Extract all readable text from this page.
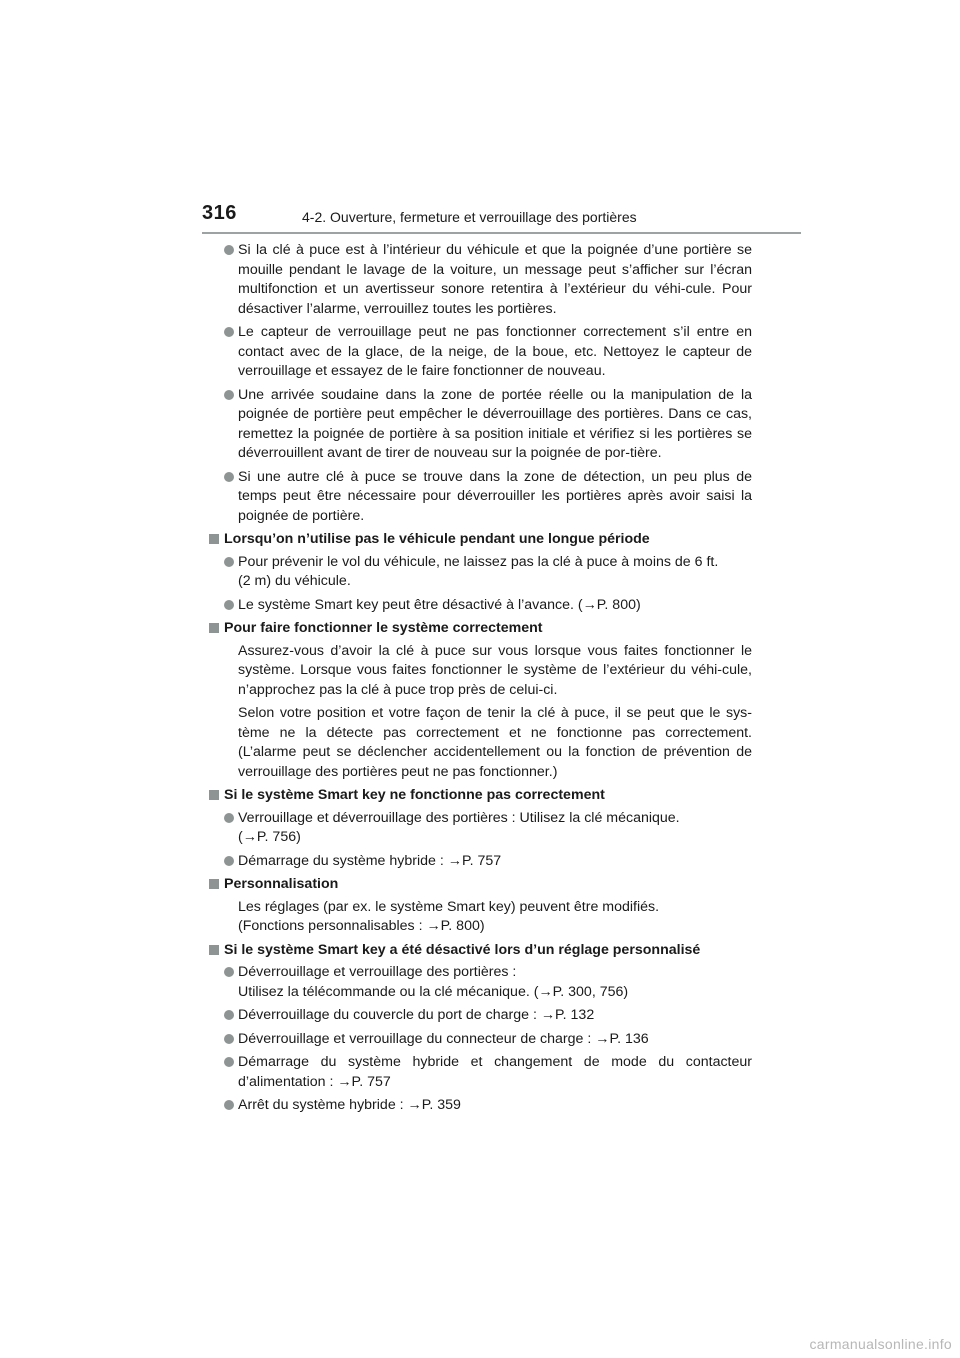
316	4-2. Ouverture, fermeture et verrouillage des portières
Si la clé à puce est à l’intérieur du véhicule et que la poignée d’une portière se mouille pendant le lavage de la voiture, un message peut s’afficher sur l’écran multifonction et un avertisseur sonore retentira à l’extérieur du véhi-cule. Pour désactiver l’alarme, verrouillez toutes les portières.
Le capteur de verrouillage peut ne pas fonctionner correctement s’il entre en contact avec de la glace, de la neige, de la boue, etc. Nettoyez le capteur de verrouillage et essayez de le faire fonctionner de nouveau.
Une arrivée soudaine dans la zone de portée réelle ou la manipulation de la poignée de portière peut empêcher le déverrouillage des portières. Dans ce cas, remettez la poignée de portière à sa position initiale et vérifiez si les portières se déverrouillent avant de tirer de nouveau sur la poignée de por-tière.
Si une autre clé à puce se trouve dans la zone de détection, un peu plus de temps peut être nécessaire pour déverrouiller les portières après avoir saisi la poignée de portière.
Lorsqu’on n’utilise pas le véhicule pendant une longue période
Pour prévenir le vol du véhicule, ne laissez pas la clé à puce à moins de 6 ft.
(2 m) du véhicule.
Le système Smart key peut être désactivé à l’avance. (→P. 800)
Pour faire fonctionner le système correctement
Assurez-vous d’avoir la clé à puce sur vous lorsque vous faites fonctionner le système. Lorsque vous faites fonctionner le système de l’extérieur du véhi-cule, n’approchez pas la clé à puce trop près de celui-ci.
Selon votre position et votre façon de tenir la clé à puce, il se peut que le sys-tème ne la détecte pas correctement et ne fonctionne pas correctement. (L’alarme peut se déclencher accidentellement ou la fonction de prévention de verrouillage des portières peut ne pas fonctionner.)
Si le système Smart key ne fonctionne pas correctement
Verrouillage et déverrouillage des portières : Utilisez la clé mécanique.
(→P. 756)
Démarrage du système hybride : →P. 757
Personnalisation
Les réglages (par ex. le système Smart key) peuvent être modifiés.
(Fonctions personnalisables : →P. 800)
Si le système Smart key a été désactivé lors d’un réglage personnalisé
Déverrouillage et verrouillage des portières :
Utilisez la télécommande ou la clé mécanique. (→P. 300, 756)
Déverrouillage du couvercle du port de charge : →P. 132
Déverrouillage et verrouillage du connecteur de charge : →P. 136
Démarrage du système hybride et changement de mode du contacteur d’alimentation : →P. 757
Arrêt du système hybride : →P. 359
carmanualsonline.info
